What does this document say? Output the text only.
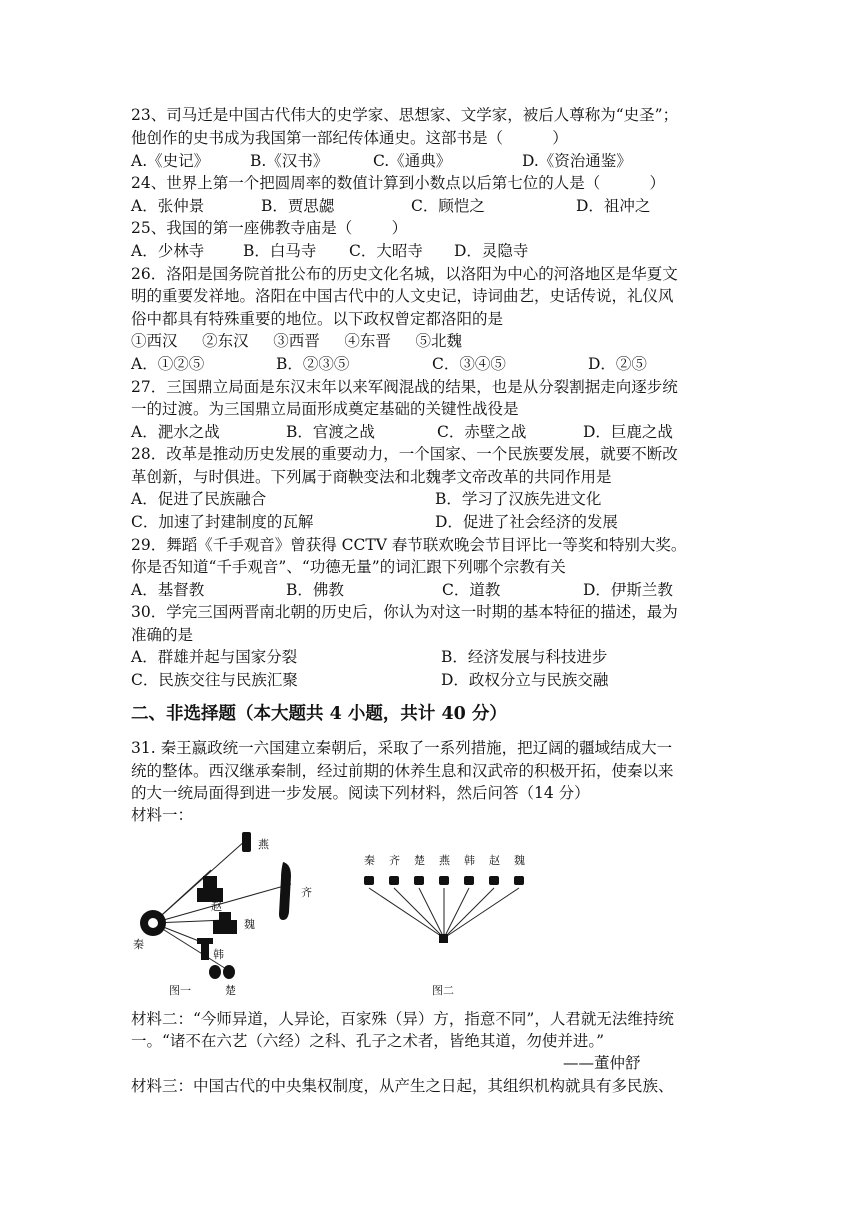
23、司马迁是中国古代伟大的史学家、思想家、文学家，被后人尊称为“史圣”；
他创作的史书成为我国第一部纪传体通史。这部书是（          ）
A.《史记》	B.《汉书》	C.《通典》	D.《资治通鉴》
24、世界上第一个把圆周率的数值计算到小数点以后第七位的人是（          ）
A．张仲景	B．贾思勰	C．顾恺之	D．祖冲之
25、我国的第一座佛教寺庙是（        ）
A．少林寺	B．白马寺 C．大昭寺 D．灵隐寺
26．洛阳是国务院首批公布的历史文化名城，以洛阳为中心的河洛地区是华夏文
明的重要发祥地。洛阳在中国古代中的人文史记，诗词曲艺，史话传说，礼仪风
俗中都具有特殊重要的地位。以下政权曾定都洛阳的是
①西汉     ②东汉     ③西晋     ④东晋     ⑤北魏
A．①②⑤	B．②③⑤	C．③④⑤	D．②⑤
27．三国鼎立局面是东汉末年以来军阀混战的结果，也是从分裂割据走向逐步统
一的过渡。为三国鼎立局面形成奠定基础的关键性战役是
A．淝水之战	B．官渡之战	C．赤壁之战	D．巨鹿之战
28．改革是推动历史发展的重要动力，一个国家、一个民族要发展，就要不断改
革创新，与时俱进。下列属于商鞅变法和北魏孝文帝改革的共同作用是
A．促进了民族融合	B．学习了汉族先进文化
C．加速了封建制度的瓦解	D．促进了社会经济的发展
29．舞蹈《千手观音》曾获得 CCTV 春节联欢晚会节目评比一等奖和特别大奖。
你是否知道“千手观音”、“功德无量”的词汇跟下列哪个宗教有关
A．基督教	B．佛教	C．道教	D．伊斯兰教
30．学完三国两晋南北朝的历史后，你认为对这一时期的基本特征的描述，最为
准确的是
A．群雄并起与国家分裂	B．经济发展与科技进步
C．民族交往与民族汇聚	D．政权分立与民族交融
二、非选择题（本大题共 4 小题，共计 40 分）
31. 秦王嬴政统一六国建立秦朝后，采取了一系列措施，把辽阔的疆域结成大一
统的整体。西汉继承秦制，经过前期的休养生息和汉武帝的积极开拓，使秦以来
的大一统局面得到进一步发展。阅读下列材料，然后问答（14 分）
材料一：
燕
赵
齐
魏
秦
韩
楚
图一
秦 齐 楚 燕 韩 赵 魏
图二
材料二：“今师异道，人异论，百家殊（异）方，指意不同”，人君就无法维持统
一。“诸不在六艺（六经）之科、孔子之术者，皆绝其道，勿使并进。”
——董仲舒
材料三：中国古代的中央集权制度，从产生之日起，其组织机构就具有多民族、
